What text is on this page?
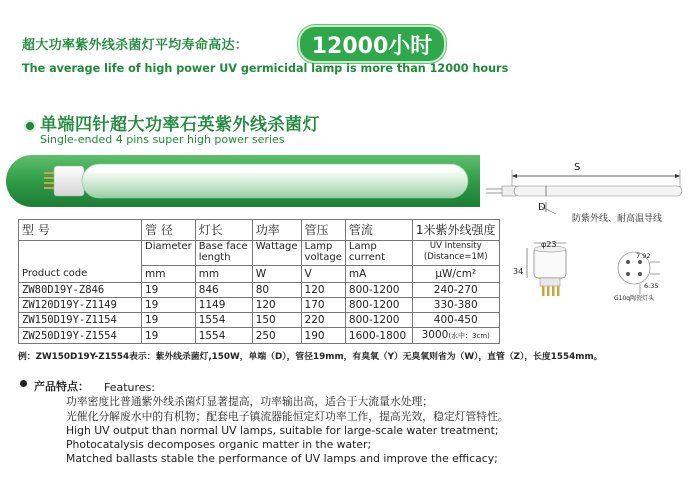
超大功率紫外线杀菌灯平均寿命高达：	12000小时
The average life of high power UV germicidal lamp is more than 12000 hours
单端四针超大功率石英紫外线杀菌灯
Single-ended 4 pins super high power series
S
D
防紫外线、耐高温导线
φ23
34
7.92
6.35
G10q陶瓷灯头
型 号	管 径	灯长	功率	管压	管流	1米紫外线强度
Product code	Diameter	Base face length	Wattage	Lamp voltage	Lamp current	UV Intensity (Distance=1M)
	mm	mm	W	V	mA	μW/cm²
ZW80D19Y-Z846	19	846	80	120	800-1200	240-270
ZW120D19Y-Z1149	19	1149	120	170	800-1200	330-380
ZW150D19Y-Z1154	19	1554	150	220	800-1200	400-450
ZW250D19Y-Z1554	19	1554	250	190	1600-1800	3000(水中：3cm)
例：ZW150D19Y-Z1554表示：紫外线杀菌灯,150W，单端（D），管径19mm，有臭氧（Y）无臭氧则省为（W），直管（Z），长度1554mm。
产品特点： Features:
功率密度比普通紫外线杀菌灯显著提高，功率输出高，适合于大流量水处理；
光催化分解废水中的有机物；配套电子镇流器能恒定灯功率工作，提高光效，稳定灯管特性。
High UV output than normal UV lamps, suitable for large-scale water treatment;
Photocatalysis decomposes organic matter in the water;
Matched ballasts stable the performance of UV lamps and improve the efficacy;
